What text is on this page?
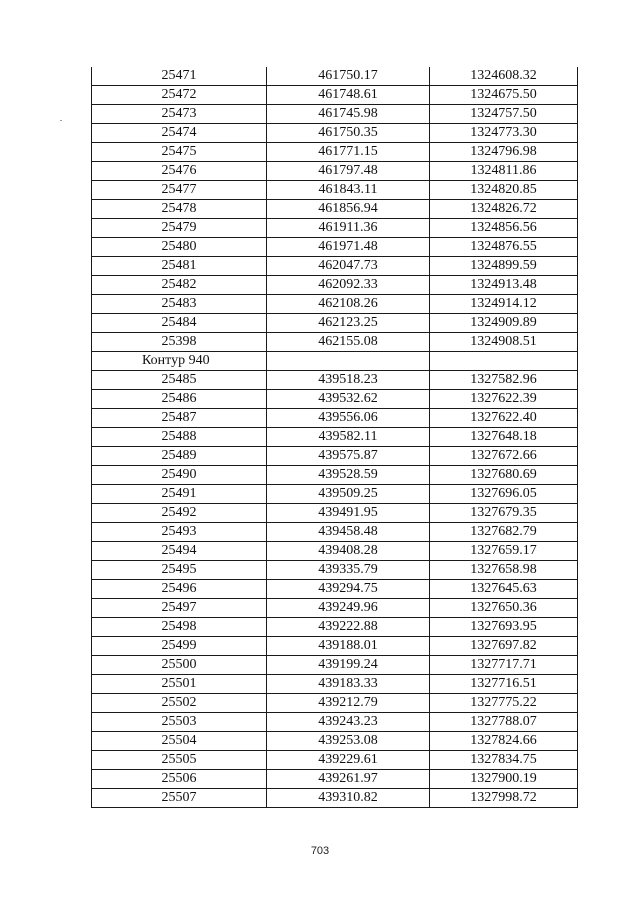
25471	461750.17	1324608.32
25472	461748.61	1324675.50
25473	461745.98	1324757.50
25474	461750.35	1324773.30
25475	461771.15	1324796.98
25476	461797.48	1324811.86
25477	461843.11	1324820.85
25478	461856.94	1324826.72
25479	461911.36	1324856.56
25480	461971.48	1324876.55
25481	462047.73	1324899.59
25482	462092.33	1324913.48
25483	462108.26	1324914.12
25484	462123.25	1324909.89
25398	462155.08	1324908.51
Контур 940		
25485	439518.23	1327582.96
25486	439532.62	1327622.39
25487	439556.06	1327622.40
25488	439582.11	1327648.18
25489	439575.87	1327672.66
25490	439528.59	1327680.69
25491	439509.25	1327696.05
25492	439491.95	1327679.35
25493	439458.48	1327682.79
25494	439408.28	1327659.17
25495	439335.79	1327658.98
25496	439294.75	1327645.63
25497	439249.96	1327650.36
25498	439222.88	1327693.95
25499	439188.01	1327697.82
25500	439199.24	1327717.71
25501	439183.33	1327716.51
25502	439212.79	1327775.22
25503	439243.23	1327788.07
25504	439253.08	1327824.66
25505	439229.61	1327834.75
25506	439261.97	1327900.19
25507	439310.82	1327998.72
703
